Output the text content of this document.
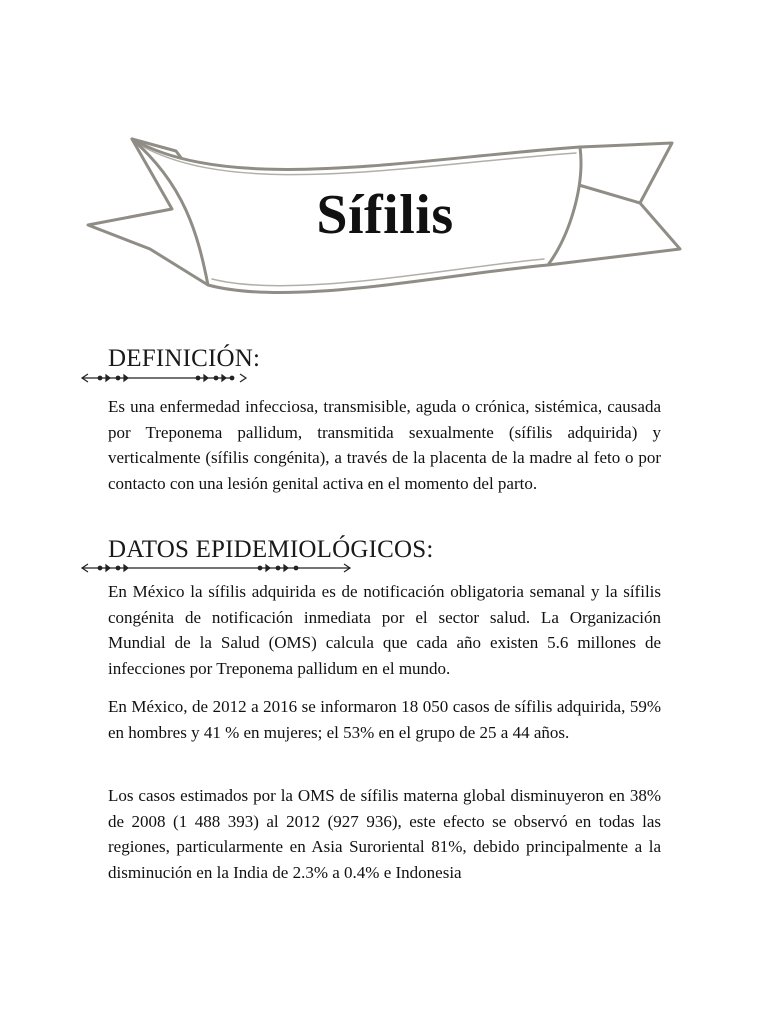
Sífilis
DEFINICIÓN:

Es una enfermedad infecciosa, transmisible, aguda o crónica, sistémica, causada por Treponema pallidum, transmitida sexualmente (sífilis adquirida) y verticalmente (sífilis congénita), a través de la placenta de la madre al feto o por contacto con una lesión genital activa en el momento del parto.

DATOS EPIDEMIOLÓGICOS:

En México la sífilis adquirida es de notificación obligatoria semanal y la sífilis congénita de notificación inmediata por el sector salud. La Organización Mundial de la Salud (OMS) calcula que cada año existen 5.6 millones de infecciones por Treponema pallidum en el mundo.

En México, de 2012 a 2016 se informaron 18 050 casos de sífilis adquirida, 59% en hombres y 41 % en mujeres; el 53% en el grupo de 25 a 44 años.

Los casos estimados por la OMS de sífilis materna global disminuyeron en 38% de 2008 (1 488 393) al 2012 (927 936), este efecto se observó en todas las regiones, particularmente en Asia Suroriental 81%, debido principalmente a la disminución en la India de 2.3% a 0.4% e Indonesia
